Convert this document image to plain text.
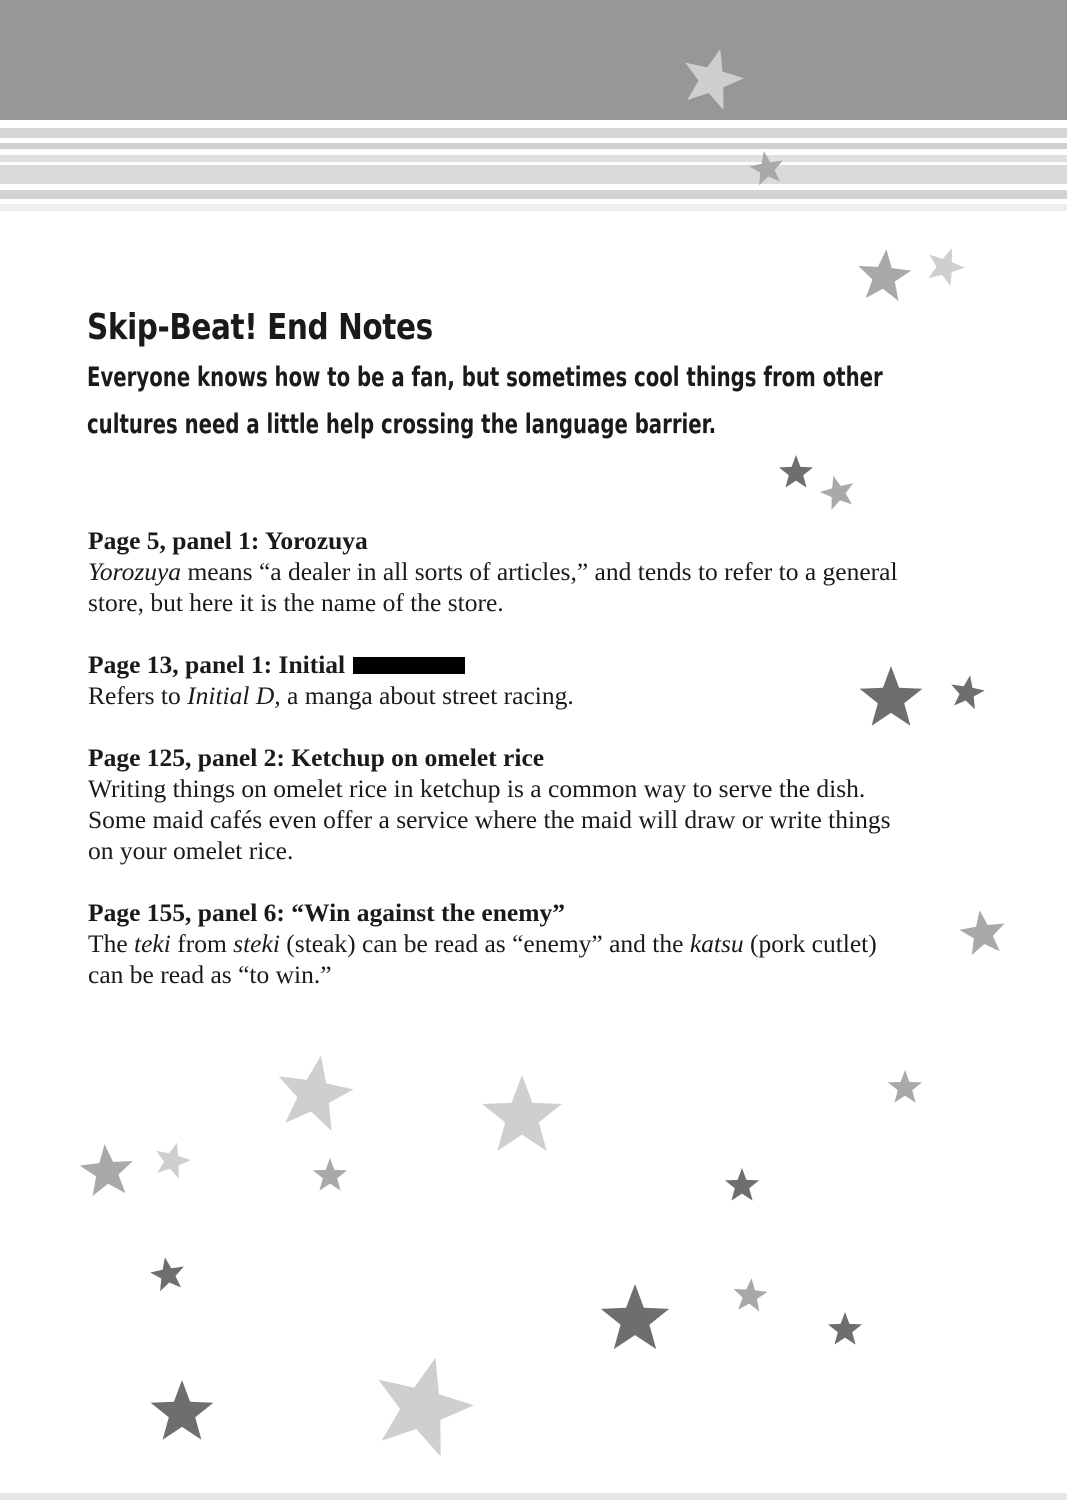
Skip-Beat! End Notes

Everyone knows how to be a fan, but sometimes cool things from other

cultures need a little help crossing the language barrier.

Page 5, panel 1: Yorozuya

Yorozuya means “a dealer in all sorts of articles,” and tends to refer to a general store, but here it is the name of the store.

Page 13, panel 1: Initial

Refers to Initial D, a manga about street racing.

Page 125, panel 2: Ketchup on omelet rice

Writing things on omelet rice in ketchup is a common way to serve the dish. Some maid cafés even offer a service where the maid will draw or write things on your omelet rice.

Page 155, panel 6: “Win against the enemy”

The teki from steki (steak) can be read as “enemy” and the katsu (pork cutlet) can be read as “to win.”
